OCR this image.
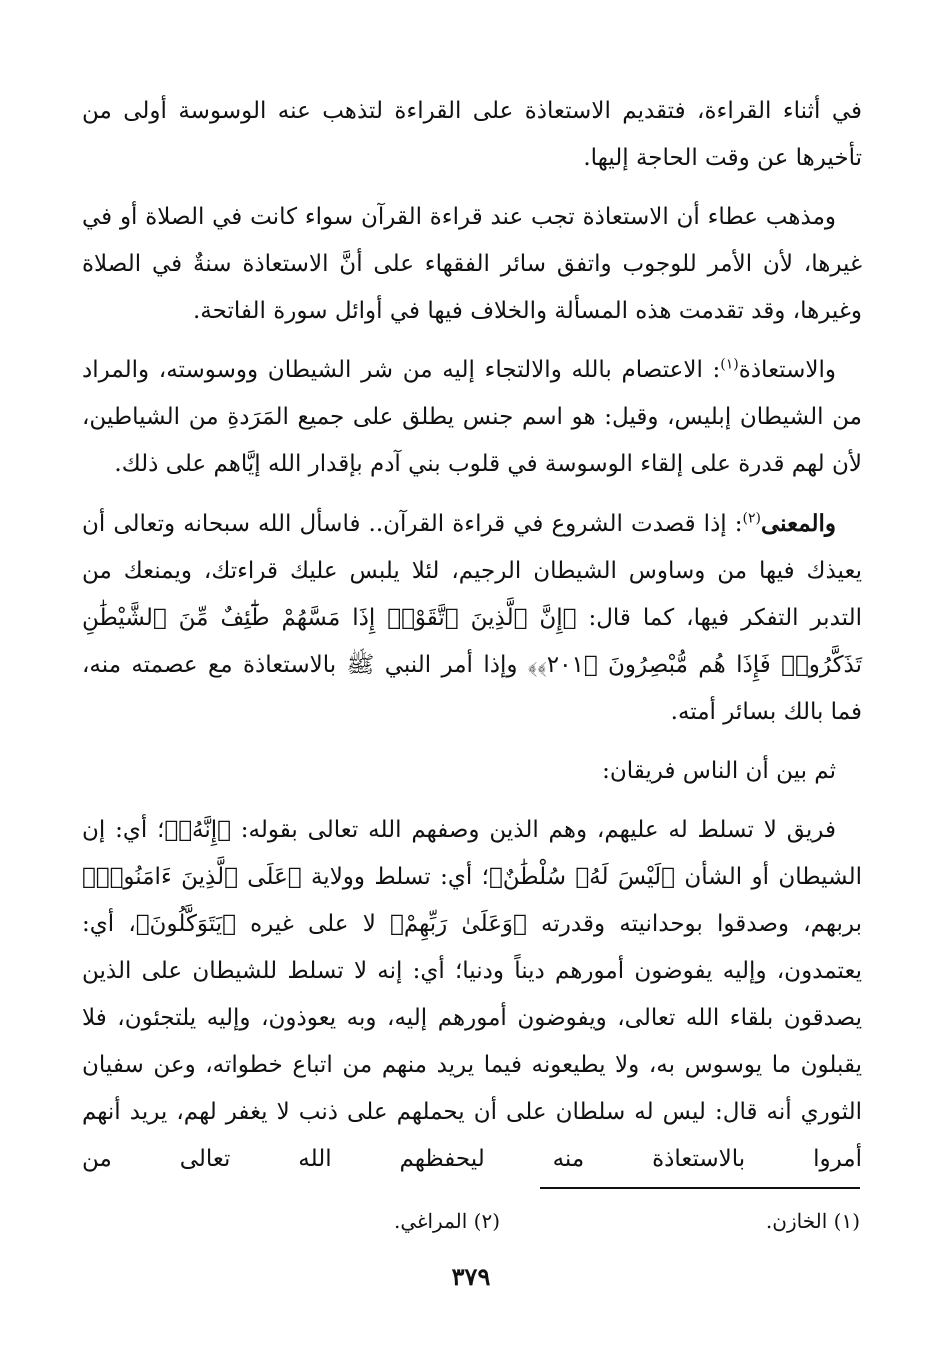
في أثناء القراءة، فتقديم الاستعاذة على القراءة لتذهب عنه الوسوسة أولى من تأخيرها عن وقت الحاجة إليها.

ومذهب عطاء أن الاستعاذة تجب عند قراءة القرآن سواء كانت في الصلاة أو في غيرها، لأن الأمر للوجوب واتفق سائر الفقهاء على أنَّ الاستعاذة سنةٌ في الصلاة وغيرها، وقد تقدمت هذه المسألة والخلاف فيها في أوائل سورة الفاتحة.

والاستعاذة$^{(١)}$: الاعتصام بالله والالتجاء إليه من شر الشيطان ووسوسته، والمراد من الشيطان إبليس، وقيل: هو اسم جنس يطلق على جميع المَرَدةِ من الشياطين، لأن لهم قدرة على إلقاء الوسوسة في قلوب بني آدم بإقدار الله إيَّاهم على ذلك.

والمعنى$^{(٢)}$: إذا قصدت الشروع في قراءة القرآن.. فاسأل الله سبحانه وتعالى أن يعيذك فيها من وساوس الشيطان الرجيم، لئلا يلبس عليك قراءتك، ويمنعك من التدبر التفكر فيها، كما قال: ﴿إِنَّ ٱلَّذِينَ ٱتَّقَوْا۟ إِذَا مَسَّهُمْ طَٰٓئِفٌ مِّنَ ٱلشَّيْطَٰنِ تَذَكَّرُوا۟ فَإِذَا هُم مُّبْصِرُونَ ﴿٢٠١﴾﴾ وإذا أمر النبي ﷺ بالاستعاذة مع عصمته منه، فما بالك بسائر أمته.

ثم بين أن الناس فريقان:

فريق لا تسلط له عليهم، وهم الذين وصفهم الله تعالى بقوله: ﴿إِنَّهُۥ﴾؛ أي: إن الشيطان أو الشأن ﴿لَيْسَ لَهُۥ سُلْطَٰنٌ﴾؛ أي: تسلط وولاية ﴿عَلَى ٱلَّذِينَ ءَامَنُوا۟﴾ بربهم، وصدقوا بوحدانيته وقدرته ﴿وَعَلَىٰ رَبِّهِمْ﴾ لا على غيره ﴿يَتَوَكَّلُونَ﴾، أي: يعتمدون، وإليه يفوضون أمورهم ديناً ودنيا؛ أي: إنه لا تسلط للشيطان على الذين يصدقون بلقاء الله تعالى، ويفوضون أمورهم إليه، وبه يعوذون، وإليه يلتجئون، فلا يقبلون ما يوسوس به، ولا يطيعونه فيما يريد منهم من اتباع خطواته، وعن سفيان الثوري أنه قال: ليس له سلطان على أن يحملهم على ذنب لا يغفر لهم، يريد أنهم أمروا بالاستعاذة منه ليحفظهم الله تعالى من

(١) الخازن.
(٢) المراغي.
٣٧٩
